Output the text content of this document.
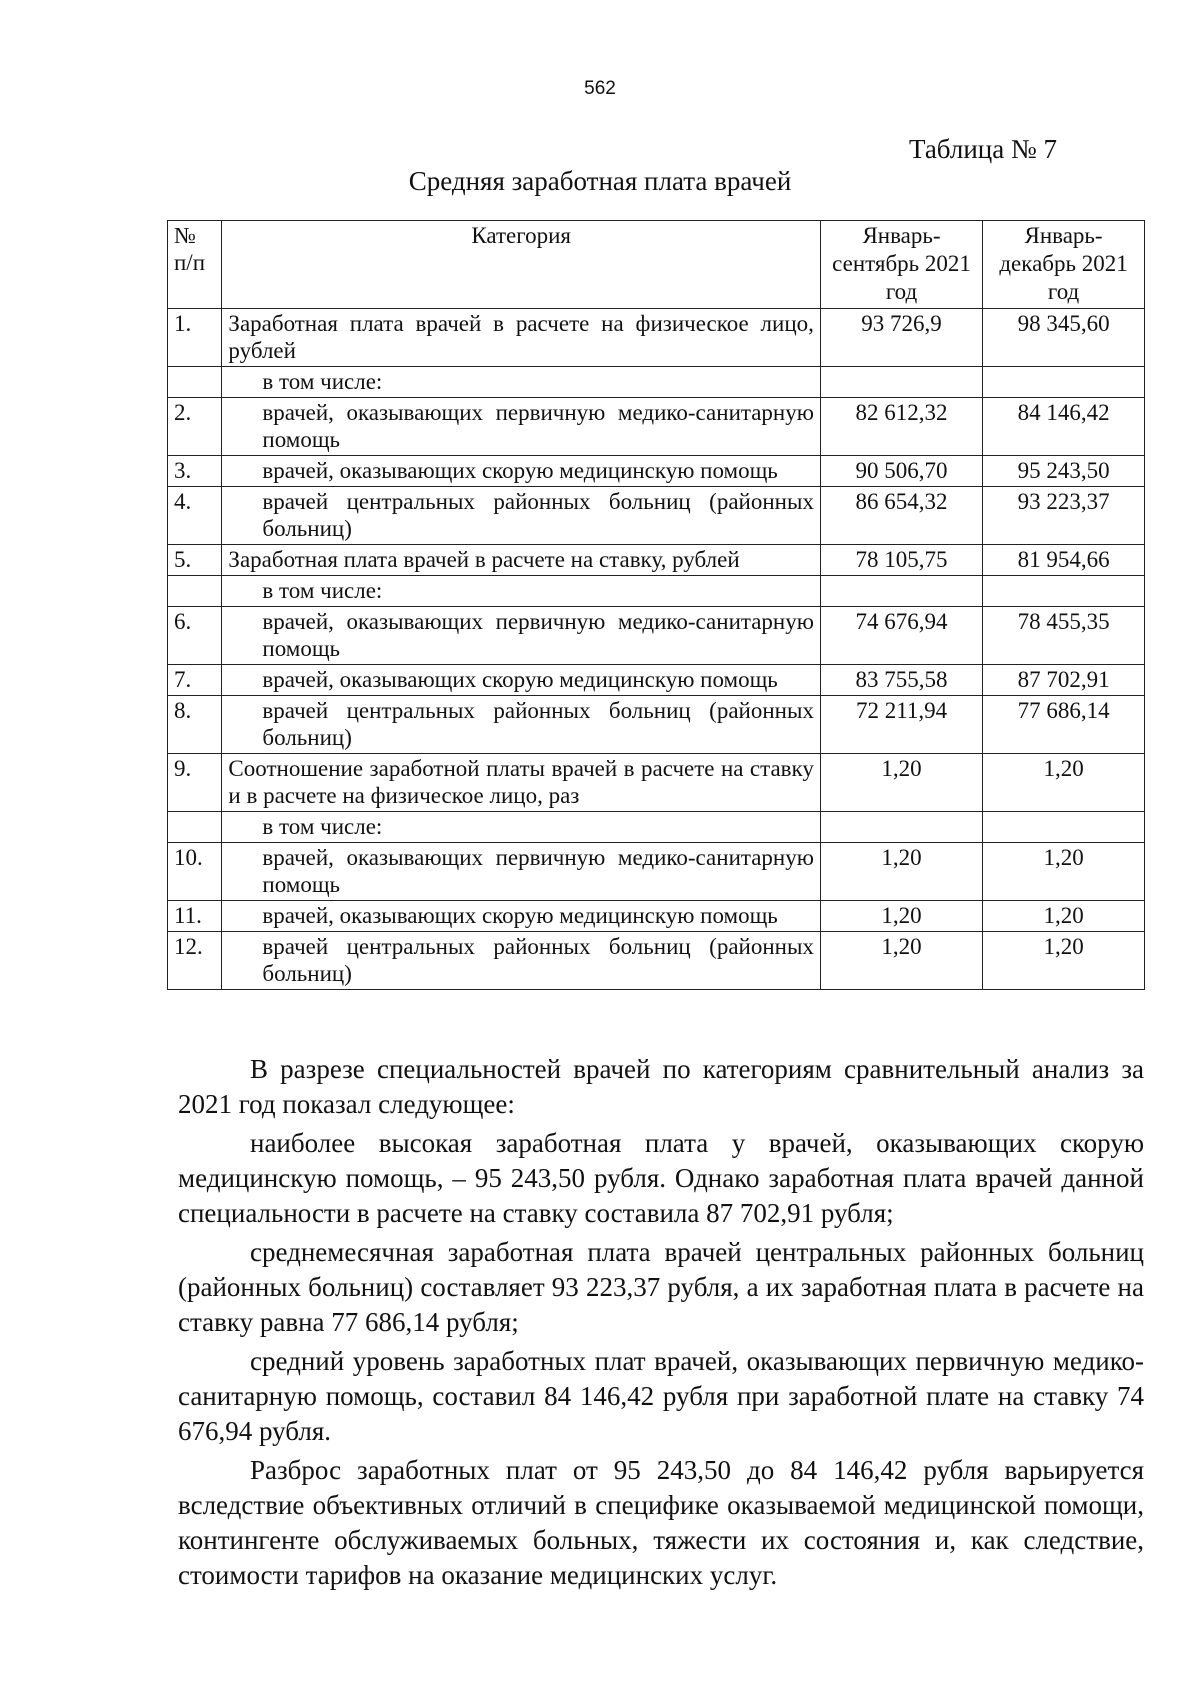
562
Таблица № 7
Средняя заработная плата врачей
№ п/п	Категория	Январь-сентябрь 2021 год	Январь-декабрь 2021 год
1.	Заработная плата врачей в расчете на физическое лицо, рублей	93 726,9	98 345,60
	в том числе:		
2.	врачей, оказывающих первичную медико-санитарную помощь	82 612,32	84 146,42
3.	врачей, оказывающих скорую медицинскую помощь	90 506,70	95 243,50
4.	врачей центральных районных больниц (районных больниц)	86 654,32	93 223,37
5.	Заработная плата врачей в расчете на ставку, рублей	78 105,75	81 954,66
	в том числе:		
6.	врачей, оказывающих первичную медико-санитарную помощь	74 676,94	78 455,35
7.	врачей, оказывающих скорую медицинскую помощь	83 755,58	87 702,91
8.	врачей центральных районных больниц (районных больниц)	72 211,94	77 686,14
9.	Соотношение заработной платы врачей в расчете на ставку и в расчете на физическое лицо, раз	1,20	1,20
	в том числе:		
10.	врачей, оказывающих первичную медико-санитарную помощь	1,20	1,20
11.	врачей, оказывающих скорую медицинскую помощь	1,20	1,20
12.	врачей центральных районных больниц (районных больниц)	1,20	1,20

В разрезе специальностей врачей по категориям сравнительный анализ за 2021 год показал следующее:

наиболее высокая заработная плата у врачей, оказывающих скорую медицинскую помощь, – 95 243,50 рубля. Однако заработная плата врачей данной специальности в расчете на ставку составила 87 702,91 рубля;

среднемесячная заработная плата врачей центральных районных больниц (районных больниц) составляет 93 223,37 рубля, а их заработная плата в расчете на ставку равна 77 686,14 рубля;

средний уровень заработных плат врачей, оказывающих первичную медико-санитарную помощь, составил 84 146,42 рубля при заработной плате на ставку 74 676,94 рубля.

Разброс заработных плат от 95 243,50 до 84 146,42 рубля варьируется вследствие объективных отличий в специфике оказываемой медицинской помощи, контингенте обслуживаемых больных, тяжести их состояния и, как следствие, стоимости тарифов на оказание медицинских услуг.
